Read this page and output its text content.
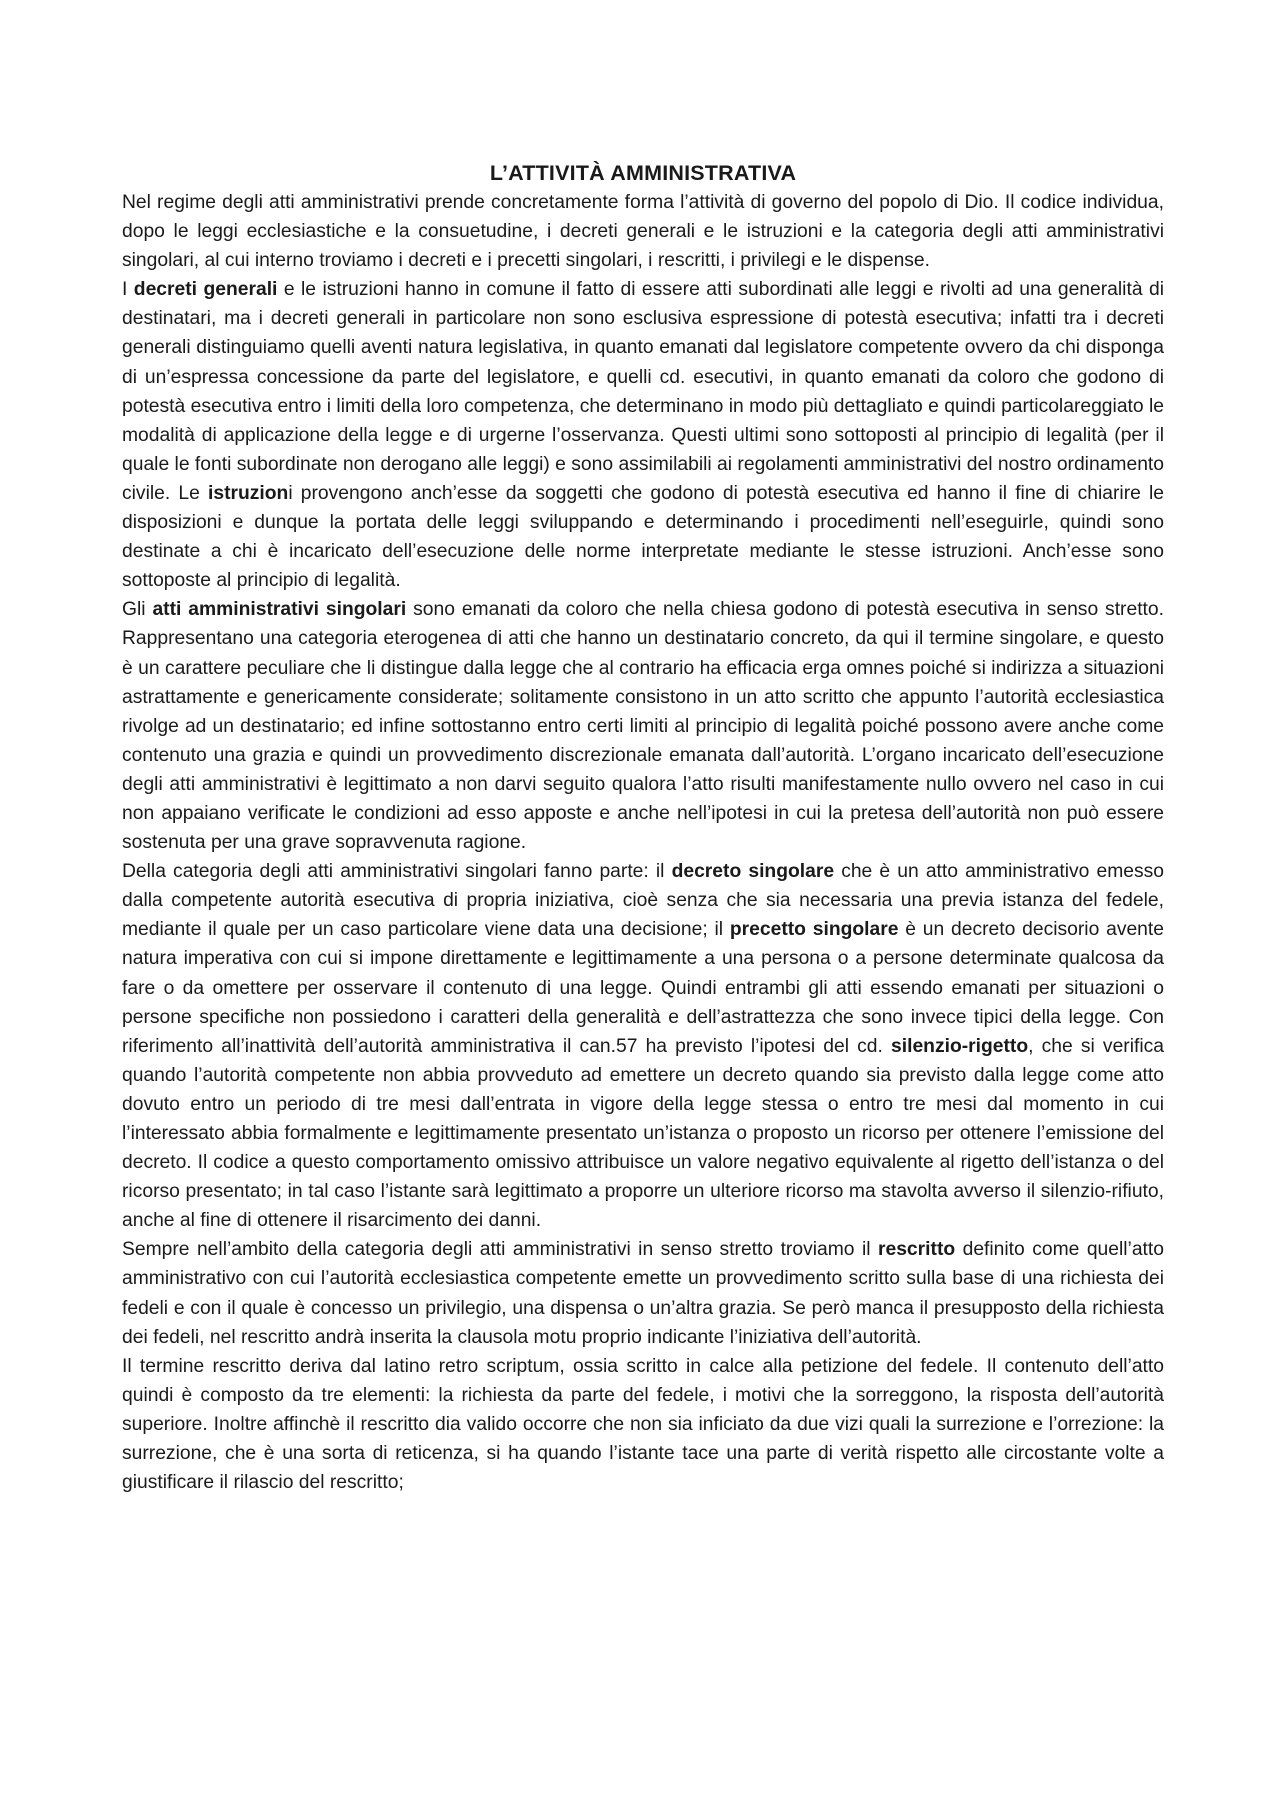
L’ATTIVITÀ AMMINISTRATIVA

Nel regime degli atti amministrativi prende concretamente forma l’attività di governo del popolo di Dio. Il codice individua, dopo le leggi ecclesiastiche e la consuetudine, i decreti generali e le istruzioni e la categoria degli atti amministrativi singolari, al cui interno troviamo i decreti e i precetti singolari, i rescritti, i privilegi e le dispense.

I decreti generali e le istruzioni hanno in comune il fatto di essere atti subordinati alle leggi e rivolti ad una generalità di destinatari, ma i decreti generali in particolare non sono esclusiva espressione di potestà esecutiva; infatti tra i decreti generali distinguiamo quelli aventi natura legislativa, in quanto emanati dal legislatore competente ovvero da chi disponga di un’espressa concessione da parte del legislatore, e quelli cd. esecutivi, in quanto emanati da coloro che godono di potestà esecutiva entro i limiti della loro competenza, che determinano in modo più dettagliato e quindi particolareggiato le modalità di applicazione della legge e di urgerne l’osservanza. Questi ultimi sono sottoposti al principio di legalità (per il quale le fonti subordinate non derogano alle leggi) e sono assimilabili ai regolamenti amministrativi del nostro ordinamento civile. Le istruzioni provengono anch’esse da soggetti che godono di potestà esecutiva ed hanno il fine di chiarire le disposizioni e dunque la portata delle leggi sviluppando e determinando i procedimenti nell’eseguirle, quindi sono destinate a chi è incaricato dell’esecuzione delle norme interpretate mediante le stesse istruzioni. Anch’esse sono sottoposte al principio di legalità.

Gli atti amministrativi singolari sono emanati da coloro che nella chiesa godono di potestà esecutiva in senso stretto. Rappresentano una categoria eterogenea di atti che hanno un destinatario concreto, da qui il termine singolare, e questo è un carattere peculiare che li distingue dalla legge che al contrario ha efficacia erga omnes poiché si indirizza a situazioni astrattamente e genericamente considerate; solitamente consistono in un atto scritto che appunto l’autorità ecclesiastica rivolge ad un destinatario; ed infine sottostanno entro certi limiti al principio di legalità poiché possono avere anche come contenuto una grazia e quindi un provvedimento discrezionale emanata dall’autorità. L’organo incaricato dell’esecuzione degli atti amministrativi è legittimato a non darvi seguito qualora l’atto risulti manifestamente nullo ovvero nel caso in cui non appaiano verificate le condizioni ad esso apposte e anche nell’ipotesi in cui la pretesa dell’autorità non può essere sostenuta per una grave sopravvenuta ragione.

Della categoria degli atti amministrativi singolari fanno parte: il decreto singolare che è un atto amministrativo emesso dalla competente autorità esecutiva di propria iniziativa, cioè senza che sia necessaria una previa istanza del fedele, mediante il quale per un caso particolare viene data una decisione; il precetto singolare è un decreto decisorio avente natura imperativa con cui si impone direttamente e legittimamente a una persona o a persone determinate qualcosa da fare o da omettere per osservare il contenuto di una legge. Quindi entrambi gli atti essendo emanati per situazioni o persone specifiche non possiedono i caratteri della generalità e dell’astrattezza che sono invece tipici della legge. Con riferimento all’inattività dell’autorità amministrativa il can.57 ha previsto l’ipotesi del cd. silenzio-rigetto, che si verifica quando l’autorità competente non abbia provveduto ad emettere un decreto quando sia previsto dalla legge come atto dovuto entro un periodo di tre mesi dall’entrata in vigore della legge stessa o entro tre mesi dal momento in cui l’interessato abbia formalmente e legittimamente presentato un’istanza o proposto un ricorso per ottenere l’emissione del decreto. Il codice a questo comportamento omissivo attribuisce un valore negativo equivalente al rigetto dell’istanza o del ricorso presentato; in tal caso l’istante sarà legittimato a proporre un ulteriore ricorso ma stavolta avverso il silenzio-rifiuto, anche al fine di ottenere il risarcimento dei danni.

Sempre nell’ambito della categoria degli atti amministrativi in senso stretto troviamo il rescritto definito come quell’atto amministrativo con cui l’autorità ecclesiastica competente emette un provvedimento scritto sulla base di una richiesta dei fedeli e con il quale è concesso un privilegio, una dispensa o un’altra grazia. Se però manca il presupposto della richiesta dei fedeli, nel rescritto andrà inserita la clausola motu proprio indicante l’iniziativa dell’autorità.

Il termine rescritto deriva dal latino retro scriptum, ossia scritto in calce alla petizione del fedele. Il contenuto dell’atto quindi è composto da tre elementi: la richiesta da parte del fedele, i motivi che la sorreggono, la risposta dell’autorità superiore. Inoltre affinchè il rescritto dia valido occorre che non sia inficiato da due vizi quali la surrezione e l’orrezione: la surrezione, che è una sorta di reticenza, si ha quando l’istante tace una parte di verità rispetto alle circostante volte a giustificare il rilascio del rescritto;
